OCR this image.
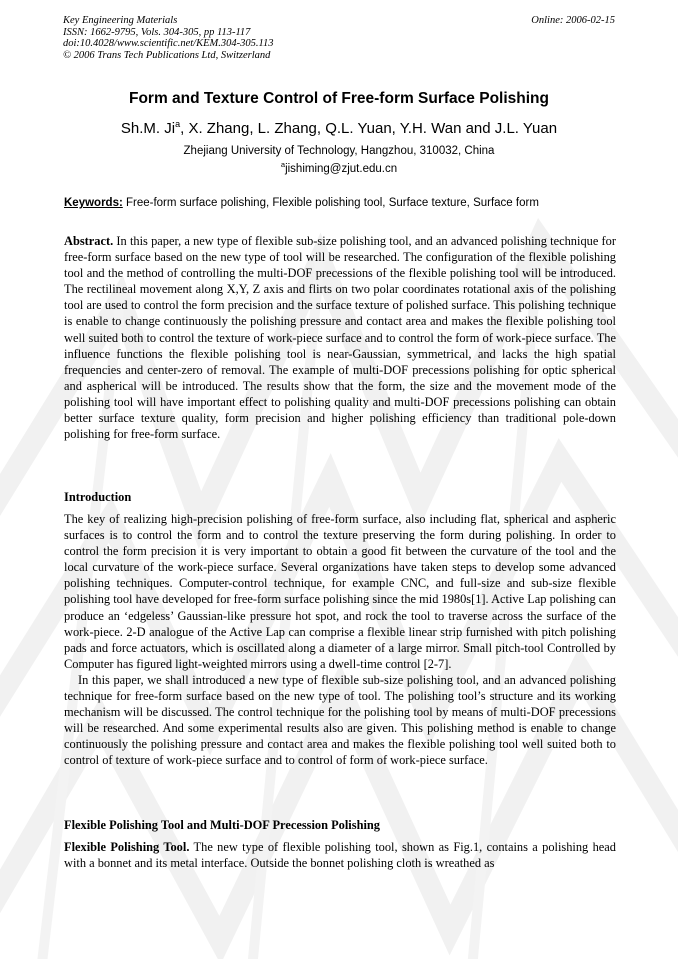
Key Engineering Materials
ISSN: 1662-9795, Vols. 304-305, pp 113-117
doi:10.4028/www.scientific.net/KEM.304-305.113
© 2006 Trans Tech Publications Ltd, Switzerland
Online: 2006-02-15
Form and Texture Control of Free-form Surface Polishing
Sh.M. Ji$^a$, X. Zhang, L. Zhang, Q.L. Yuan, Y.H. Wan and J.L. Yuan
Zhejiang University of Technology, Hangzhou, 310032, China
$^a$jishiming@zjut.edu.cn
Keywords: Free-form surface polishing, Flexible polishing tool, Surface texture, Surface form

Abstract. In this paper, a new type of flexible sub-size polishing tool, and an advanced polishing technique for free-form surface based on the new type of tool will be researched. The configuration of the flexible polishing tool and the method of controlling the multi-DOF precessions of the flexible polishing tool will be introduced. The rectilineal movement along X,Y, Z axis and flirts on two polar coordinates rotational axis of the polishing tool are used to control the form precision and the surface texture of polished surface. This polishing technique is enable to change continuously the polishing pressure and contact area and makes the flexible polishing tool well suited both to control the texture of work-piece surface and to control the form of work-piece surface. The influence functions the flexible polishing tool is near-Gaussian, symmetrical, and lacks the high spatial frequencies and center-zero of removal. The example of multi-DOF precessions polishing for optic spherical and aspherical will be introduced. The results show that the form, the size and the movement mode of the polishing tool will have important effect to polishing quality and multi-DOF precessions polishing can obtain better surface texture quality, form precision and higher polishing efficiency than traditional pole-down polishing for free-form surface.

Introduction

The key of realizing high-precision polishing of free-form surface, also including flat, spherical and aspheric surfaces is to control the form and to control the texture preserving the form during polishing. In order to control the form precision it is very important to obtain a good fit between the curvature of the tool and the local curvature of the work-piece surface. Several organizations have taken steps to develop some advanced polishing techniques. Computer-control technique, for example CNC, and full-size and sub-size flexible polishing tool have developed for free-form surface polishing since the mid 1980s[1]. Active Lap polishing can produce an ‘edgeless’ Gaussian-like pressure hot spot, and rock the tool to traverse across the surface of the work-piece. 2-D analogue of the Active Lap can comprise a flexible linear strip furnished with pitch polishing pads and force actuators, which is oscillated along a diameter of a large mirror. Small pitch-tool Controlled by Computer has figured light-weighted mirrors using a dwell-time control [2-7].

In this paper, we shall introduced a new type of flexible sub-size polishing tool, and an advanced polishing technique for free-form surface based on the new type of tool. The polishing tool’s structure and its working mechanism will be discussed. The control technique for the polishing tool by means of multi-DOF precessions will be researched. And some experimental results also are given. This polishing method is enable to change continuously the polishing pressure and contact area and makes the flexible polishing tool well suited both to control of texture of work-piece surface and to control of form of work-piece surface.

Flexible Polishing Tool and Multi-DOF Precession Polishing

Flexible Polishing Tool. The new type of flexible polishing tool, shown as Fig.1, contains a polishing head with a bonnet and its metal interface. Outside the bonnet polishing cloth is wreathed as
